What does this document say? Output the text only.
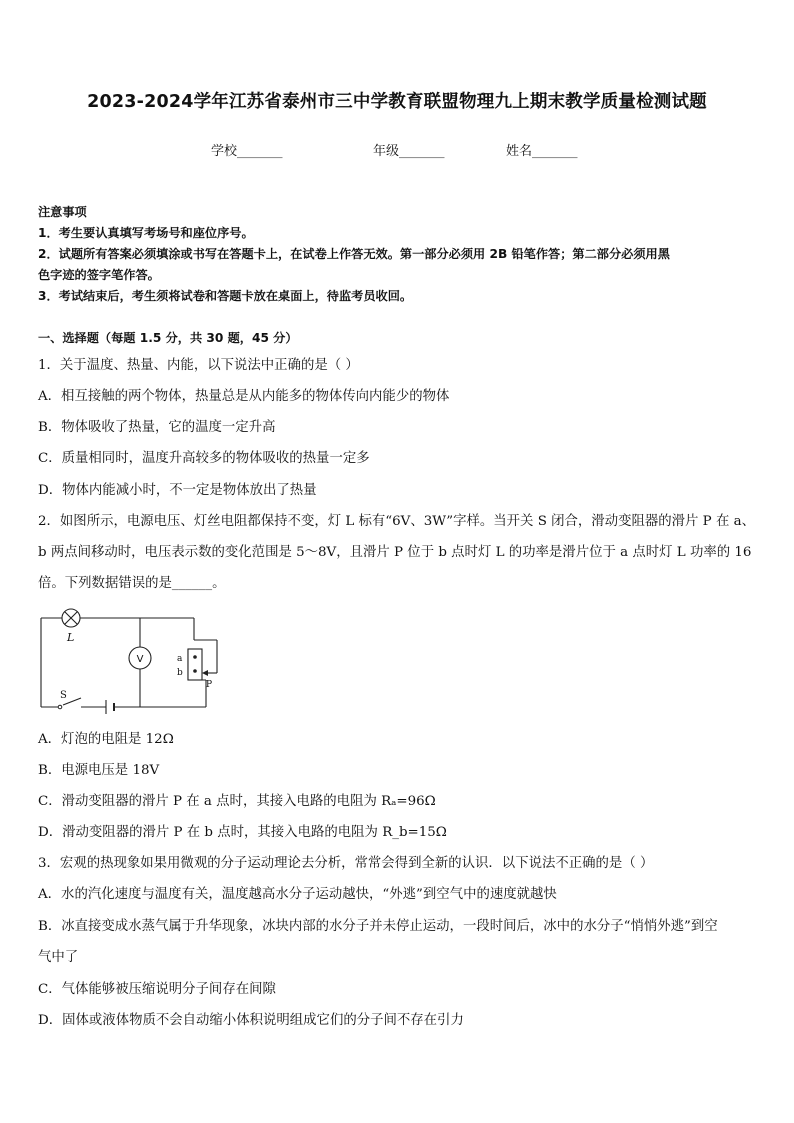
2023-2024学年江苏省泰州市三中学教育联盟物理九上期末教学质量检测试题
学校_______	年级_______	姓名_______
注意事项
1．考生要认真填写考场号和座位序号。
2．试题所有答案必须填涂或书写在答题卡上，在试卷上作答无效。第一部分必须用 2B 铅笔作答；第二部分必须用黑
色字迹的签字笔作答。
3．考试结束后，考生须将试卷和答题卡放在桌面上，待监考员收回。
一、选择题（每题 1.5 分，共 30 题，45 分）
1．关于温度、热量、内能，以下说法中正确的是（ ）
A．相互接触的两个物体，热量总是从内能多的物体传向内能少的物体
B．物体吸收了热量，它的温度一定升高
C．质量相同时，温度升高较多的物体吸收的热量一定多
D．物体内能减小时，不一定是物体放出了热量
2．如图所示，电源电压、灯丝电阻都保持不变，灯 L 标有“6V、3W”字样。当开关 S 闭合，滑动变阻器的滑片 P 在 a、
b 两点间移动时，电压表示数的变化范围是 5～8V，且滑片 P 位于 b 点时灯 L 的功率是滑片位于 a 点时灯 L 功率的 16
倍。下列数据错误的是______。
V
L
a
b
P
S
A．灯泡的电阻是 12Ω
B．电源电压是 18V
C．滑动变阻器的滑片 P 在 a 点时，其接入电路的电阻为 Rₐ=96Ω
D．滑动变阻器的滑片 P 在 b 点时，其接入电路的电阻为 R_b=15Ω
3．宏观的热现象如果用微观的分子运动理论去分析，常常会得到全新的认识．以下说法不正确的是（ ）
A．水的汽化速度与温度有关，温度越高水分子运动越快，“外逃”到空气中的速度就越快
B．冰直接变成水蒸气属于升华现象，冰块内部的水分子并未停止运动，一段时间后，冰中的水分子“悄悄外逃”到空
气中了
C．气体能够被压缩说明分子间存在间隙
D．固体或液体物质不会自动缩小体积说明组成它们的分子间不存在引力
